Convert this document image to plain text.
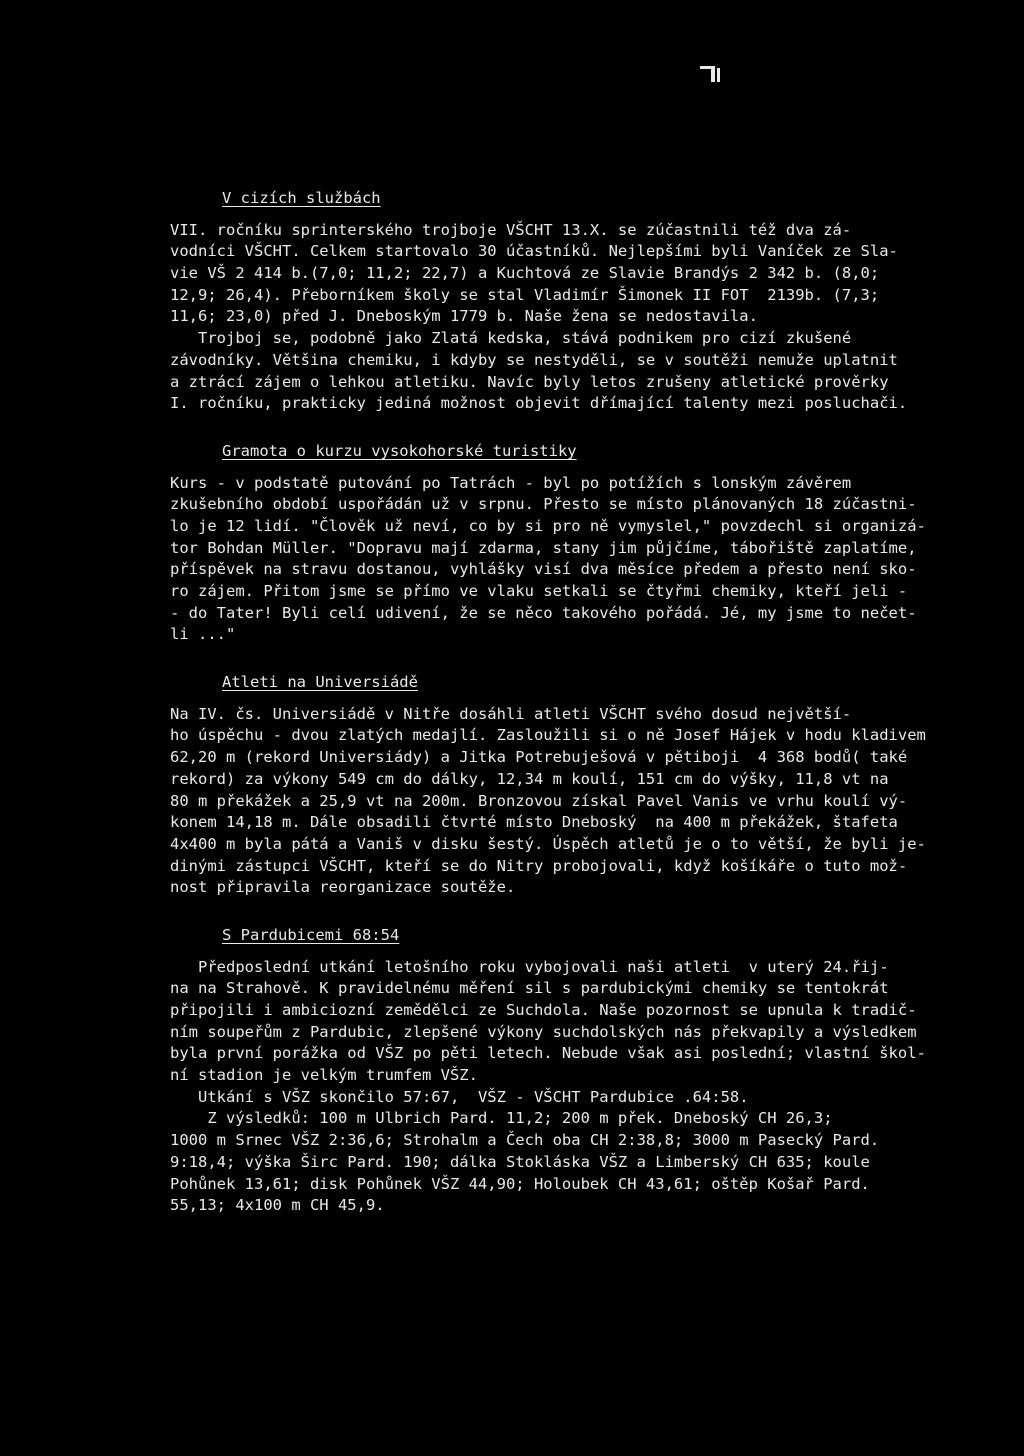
V cizích službách
VII. ročníku sprinterského trojboje VŠCHT 13.X. se zúčastnili též dva zá-
vodníci VŠCHT. Celkem startovalo 30 účastníků. Nejlepšími byli Vaníček ze Sla-
vie VŠ 2 414 b.(7,0; 11,2; 22,7) a Kuchtová ze Slavie Brandýs 2 342 b. (8,0;
12,9; 26,4). Přeborníkem školy se stal Vladimír Šimonek II FOT  2139b. (7,3;
11,6; 23,0) před J. Dneboským 1779 b. Naše žena se nedostavila.
Trojboj se, podobně jako Zlatá kedska, stává podnikem pro cizí zkušené
závodníky. Většina chemiku, i kdyby se nestyděli, se v soutěži nemuže uplatnit
a ztrácí zájem o lehkou atletiku. Navíc byly letos zrušeny atletické prověrky
I. ročníku, prakticky jediná možnost objevit dřímající talenty mezi posluchači.
Gramota o kurzu vysokohorské turistiky
Kurs - v podstatě putování po Tatrách - byl po potížích s lonským závěrem
zkušebního období uspořádán už v srpnu. Přesto se místo plánovaných 18 zúčastni-
lo je 12 lidí. "Člověk už neví, co by si pro ně vymyslel," povzdechl si organizá-
tor Bohdan Müller. "Dopravu mají zdarma, stany jim půjčíme, tábořiště zaplatíme,
příspěvek na stravu dostanou, vyhlášky visí dva měsíce předem a přesto není sko-
ro zájem. Přitom jsme se přímo ve vlaku setkali se čtyřmi chemiky, kteří jeli -
- do Tater! Byli celí udivení, že se něco takového pořádá. Jé, my jsme to nečet-
li ..."
Atleti na Universiádě
Na IV. čs. Universiádě v Nitře dosáhli atleti VŠCHT svého dosud největší-
ho úspěchu - dvou zlatých medajlí. Zasloužili si o ně Josef Hájek v hodu kladivem
62,20 m (rekord Universiády) a Jitka Potrebuješová v pětiboji  4 368 bodů( také
rekord) za výkony 549 cm do dálky, 12,34 m koulí, 151 cm do výšky, 11,8 vt na
80 m překážek a 25,9 vt na 200m. Bronzovou získal Pavel Vanis ve vrhu koulí vý-
konem 14,18 m. Dále obsadili čtvrté místo Dneboský  na 400 m překážek, štafeta
4x400 m byla pátá a Vaniš v disku šestý. Úspěch atletů je o to větší, že byli je-
dinými zástupci VŠCHT, kteří se do Nitry probojovali, když košíkáře o tuto mož-
nost připravila reorganizace soutěže.
S Pardubicemi 68:54
Předposlední utkání letošního roku vybojovali naši atleti  v uterý 24.řij-
na na Strahově. K pravidelnému měření sil s pardubickými chemiky se tentokrát
připojili i ambiciozní zemědělci ze Suchdola. Naše pozornost se upnula k tradič-
ním soupeřům z Pardubic, zlepšené výkony suchdolských nás překvapily a výsledkem
byla první porážka od VŠZ po pěti letech. Nebude však asi poslední; vlastní škol-
ní stadion je velkým trumfem VŠZ.
Utkání s VŠZ skončilo 57:67,  VŠZ - VŠCHT Pardubice .64:58.
Z výsledků: 100 m Ulbrich Pard. 11,2; 200 m přek. Dneboský CH 26,3;
1000 m Srnec VŠZ 2:36,6; Strohalm a Čech oba CH 2:38,8; 3000 m Pasecký Pard.
9:18,4; výška Širc Pard. 190; dálka Stokláska VŠZ a Limberský CH 635; koule
Pohůnek 13,61; disk Pohůnek VŠZ 44,90; Holoubek CH 43,61; oštěp Košař Pard.
55,13; 4x100 m CH 45,9.
